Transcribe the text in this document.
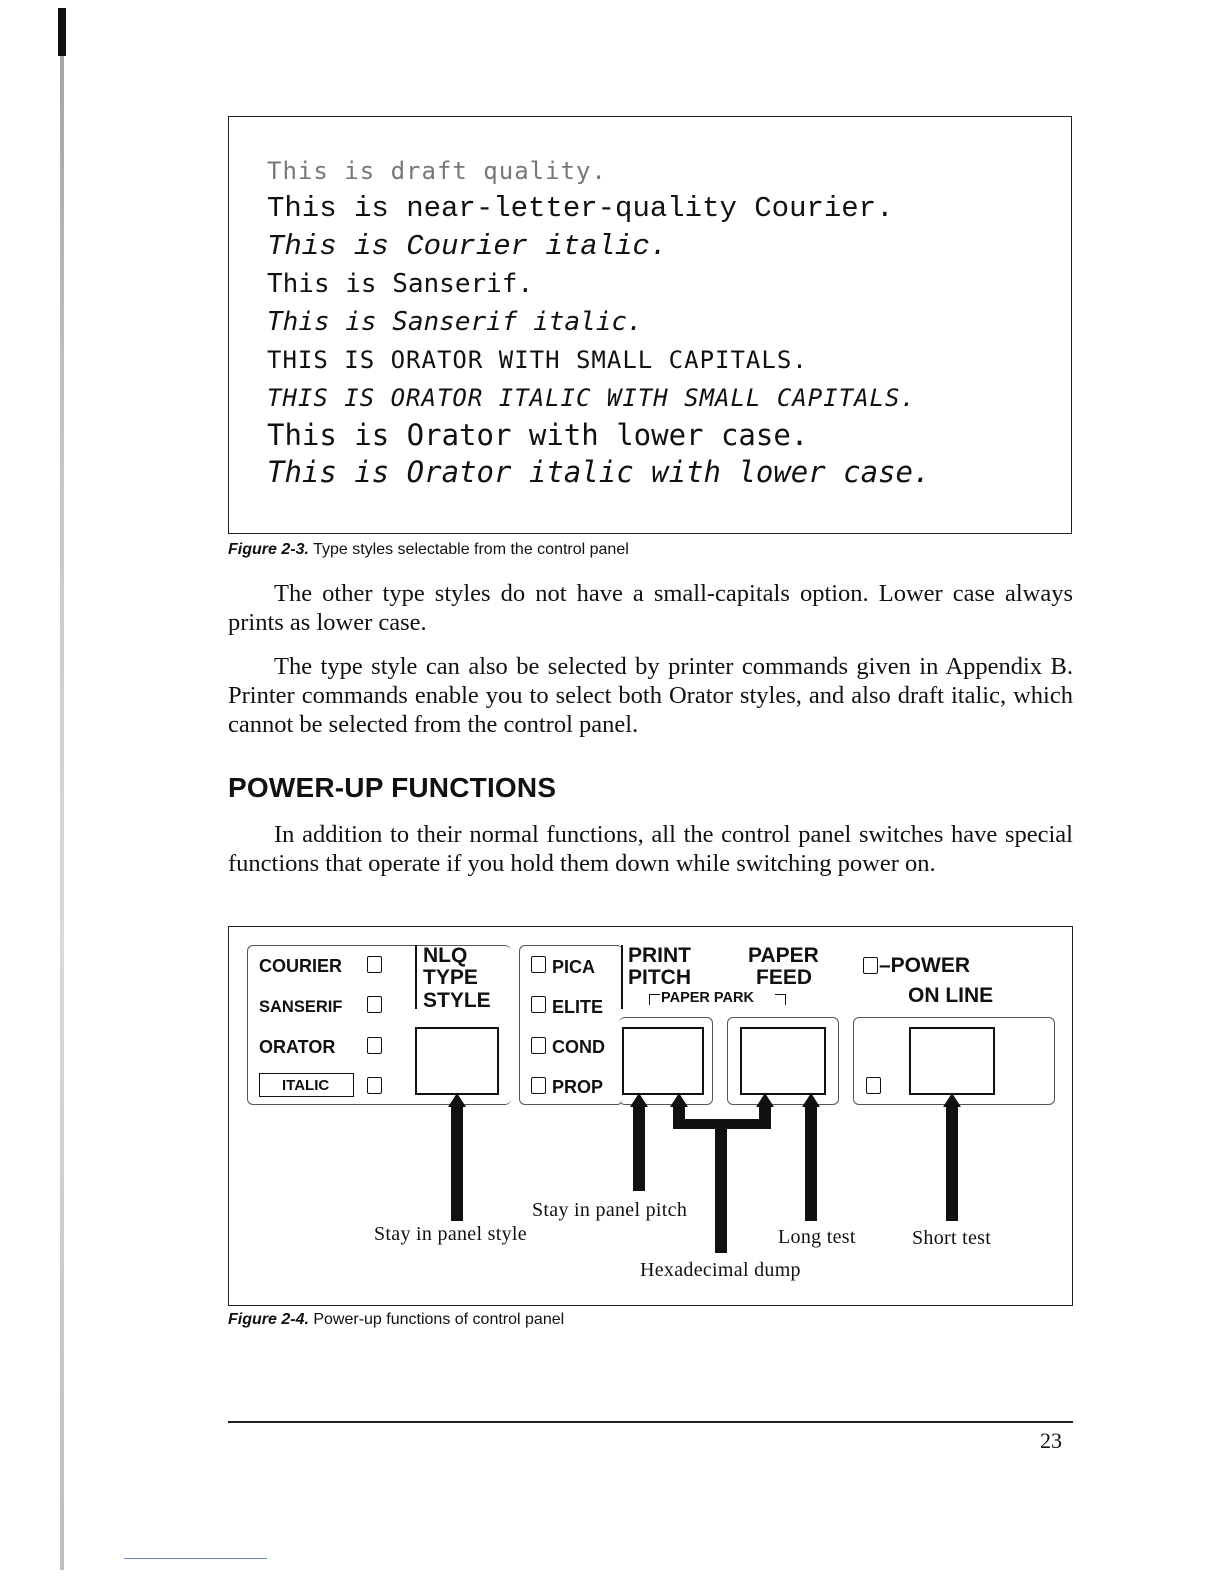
This is draft quality.
This is near-letter-quality Courier.
This is Courier italic.
This is Sanserif.
This is Sanserif italic.
THIS IS ORATOR WITH SMALL CAPITALS.
THIS IS ORATOR ITALIC WITH SMALL CAPITALS.
This is Orator with lower case.
This is Orator italic with lower case.
Figure 2-3. Type styles selectable from the control panel
The other type styles do not have a small-capitals option. Lower case always prints as lower case.
The type style can also be selected by printer commands given in Appendix B. Printer commands enable you to select both Orator styles, and also draft italic, which cannot be selected from the control panel.
POWER-UP FUNCTIONS
In addition to their normal functions, all the control panel switches have special functions that operate if you hold them down while switching power on.
COURIER
SANSERIF
ORATOR
ITALIC
NLQ
TYPE
STYLE
PICA
ELITE
COND
PROP
PRINT
PITCH
PAPER
FEED
PAPER PARK
–POWER
ON LINE
Stay in panel style
Stay in panel pitch
Hexadecimal dump
Long test	Short test
Figure 2-4. Power-up functions of control panel
23
